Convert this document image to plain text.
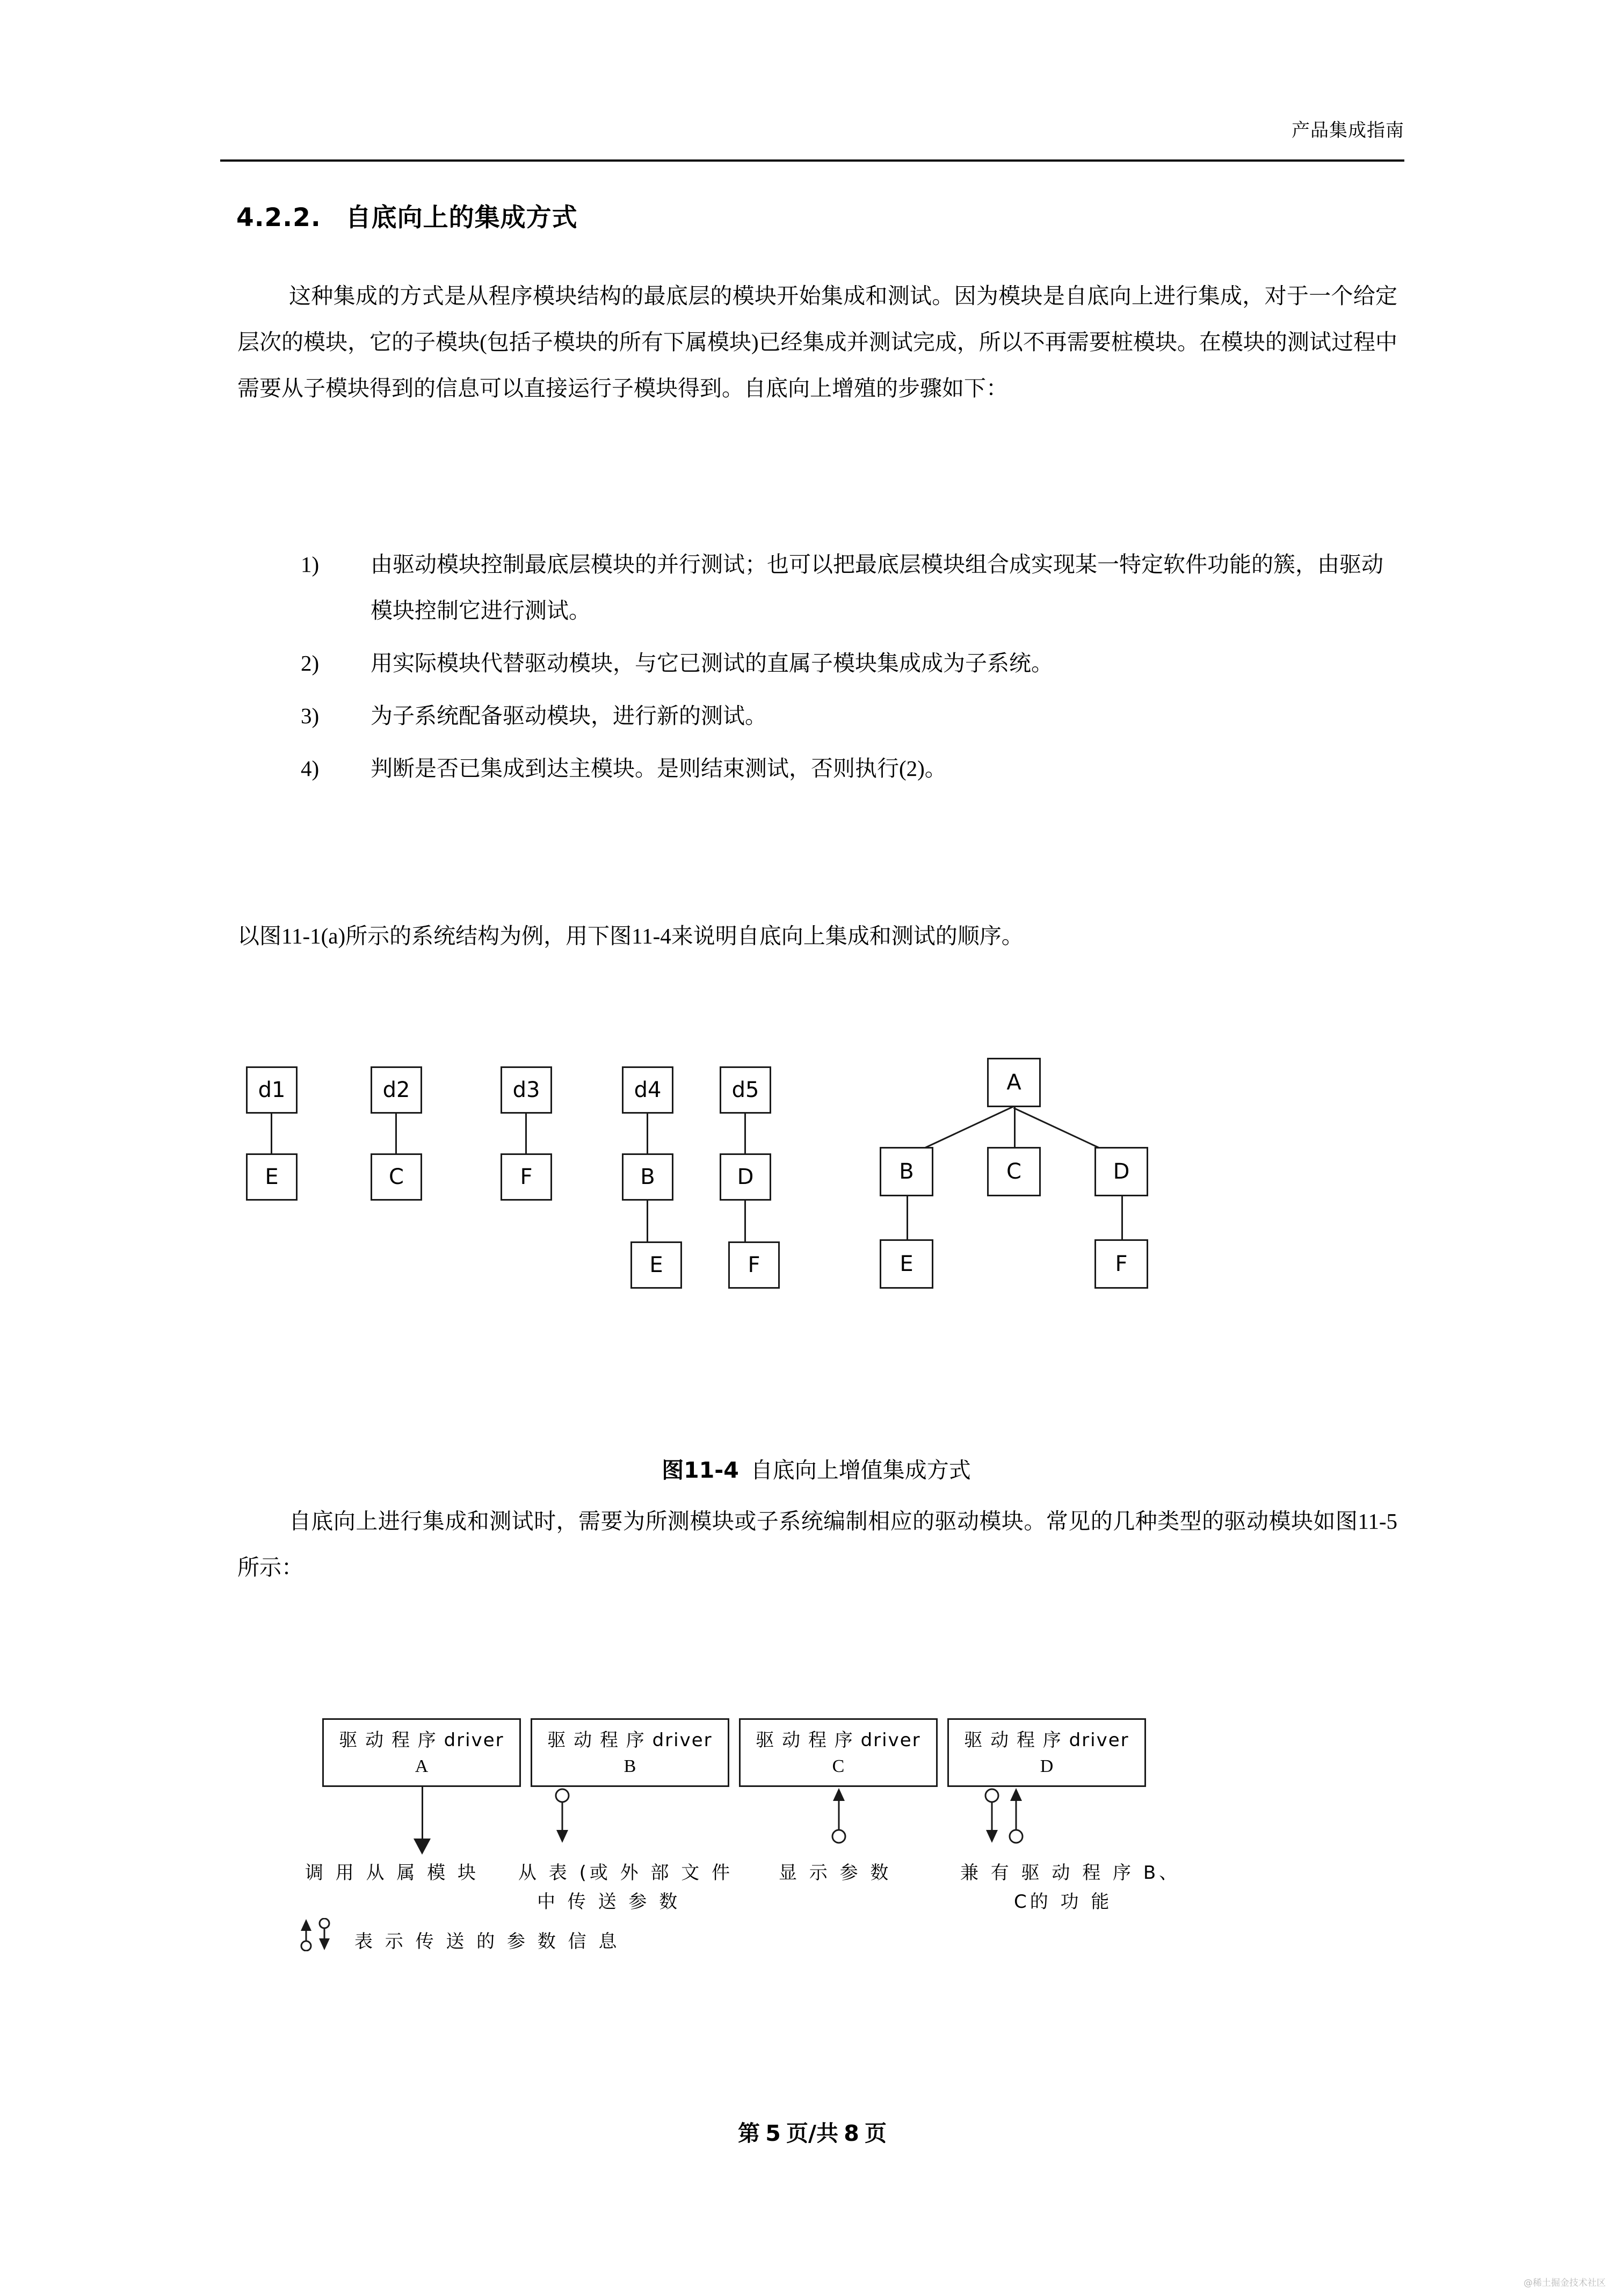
产品集成指南
4.2.2. 自底向上的集成方式
这种集成的方式是从程序模块结构的最底层的模块开始集成和测试。因为模块是自底向上进行集成，对于一个给定层次的模块，它的子模块(包括子模块的所有下属模块)已经集成并测试完成，所以不再需要桩模块。在模块的测试过程中需要从子模块得到的信息可以直接运行子模块得到。自底向上增殖的步骤如下：
1)	由驱动模块控制最底层模块的并行测试；也可以把最底层模块组合成实现某一特定软件功能的簇，由驱动模块控制它进行测试。
2)	用实际模块代替驱动模块，与它已测试的直属子模块集成成为子系统。
3)	为子系统配备驱动模块，进行新的测试。
4)	判断是否已集成到达主模块。是则结束测试，否则执行(2)。
以图11-1(a)所示的系统结构为例，用下图11-4来说明自底向上集成和测试的顺序。
d1
E
d2
C
d3
F
d4
B
E
d5
D
F
A
B	C	D
E	F
图11-4 自底向上增值集成方式
自底向上进行集成和测试时，需要为所测模块或子系统编制相应的驱动模块。常见的几种类型的驱动模块如图11-5所示：
驱 动 程 序 driver
A
驱 动 程 序 driver
B
驱 动 程 序 driver
C
驱 动 程 序 driver
D
调 用 从 属 模 块 从 表 (或 外 部 文 件
中 传 送 参 数
显 示 参 数	兼 有 驱 动 程 序 B、
C的 功 能
表 示 传 送 的 参 数 信 息
第 5 页/共 8 页
@稀土掘金技术社区
